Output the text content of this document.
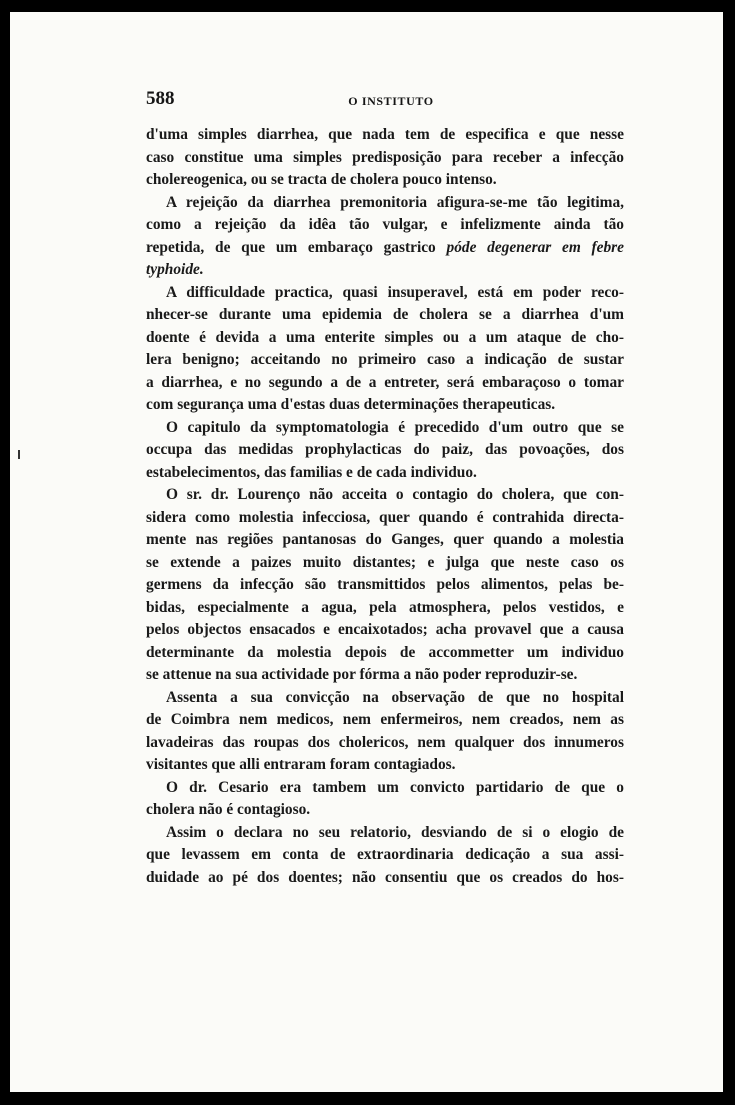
588	O INSTITUTO
d'uma simples diarrhea, que nada tem de especifica e que nesse
caso constitue uma simples predisposição para receber a infecção
cholereogenica, ou se tracta de cholera pouco intenso.
A rejeição da diarrhea premonitoria afigura-se-me tão legitima,
como a rejeição da idêa tão vulgar, e infelizmente ainda tão
repetida, de que um embaraço gastrico póde degenerar em febre
typhoide.
A difficuldade practica, quasi insuperavel, está em poder reco-
nhecer-se durante uma epidemia de cholera se a diarrhea d'um
doente é devida a uma enterite simples ou a um ataque de cho-
lera benigno; acceitando no primeiro caso a indicação de sustar
a diarrhea, e no segundo a de a entreter, será embaraçoso o tomar
com segurança uma d'estas duas determinações therapeuticas.
O capitulo da symptomatologia é precedido d'um outro que se
occupa das medidas prophylacticas do paiz, das povoações, dos
estabelecimentos, das familias e de cada individuo.
O sr. dr. Lourenço não acceita o contagio do cholera, que con-
sidera como molestia infecciosa, quer quando é contrahida directa-
mente nas regiões pantanosas do Ganges, quer quando a molestia
se extende a paizes muito distantes; e julga que neste caso os
germens da infecção são transmittidos pelos alimentos, pelas be-
bidas, especialmente a agua, pela atmosphera, pelos vestidos, e
pelos objectos ensacados e encaixotados; acha provavel que a causa
determinante da molestia depois de accommetter um individuo
se attenue na sua actividade por fórma a não poder reproduzir-se.
Assenta a sua convicção na observação de que no hospital
de Coimbra nem medicos, nem enfermeiros, nem creados, nem as
lavadeiras das roupas dos cholericos, nem qualquer dos innumeros
visitantes que alli entraram foram contagiados.
O dr. Cesario era tambem um convicto partidario de que o
cholera não é contagioso.
Assim o declara no seu relatorio, desviando de si o elogio de
que levassem em conta de extraordinaria dedicação a sua assi-
duidade ao pé dos doentes; não consentiu que os creados do hos-
